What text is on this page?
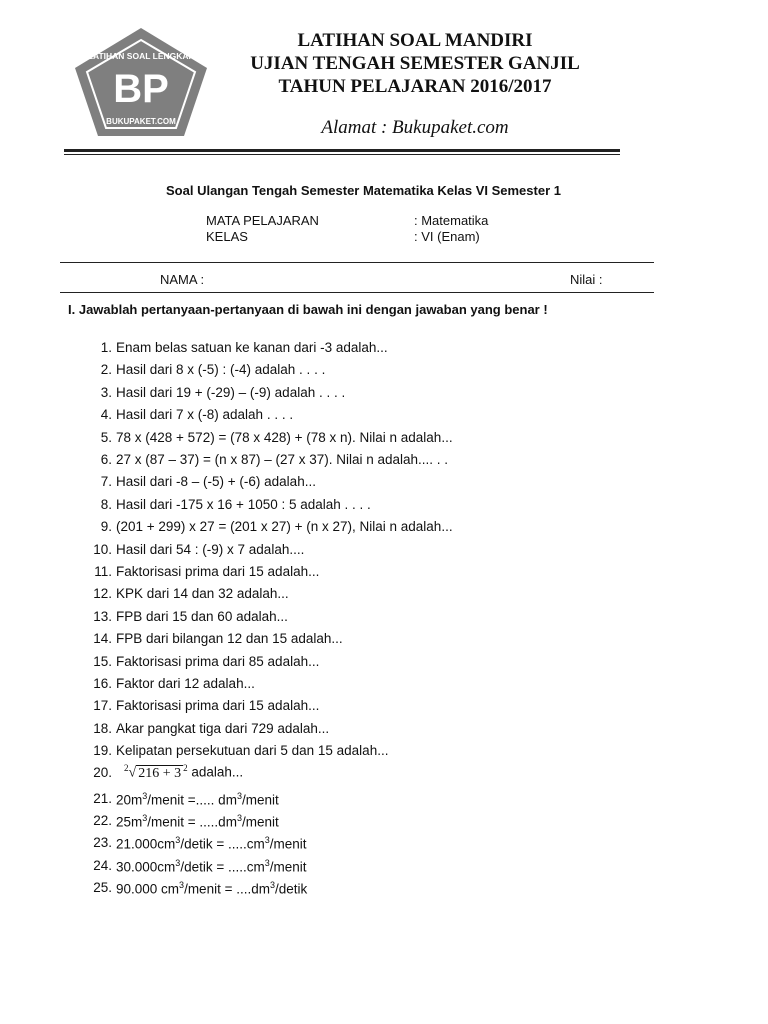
BP
LATIHAN SOAL LENGKAP
BUKUPAKET.COM
LATIHAN SOAL MANDIRI
UJIAN TENGAH SEMESTER GANJIL
TAHUN PELAJARAN 2016/2017
Alamat : Bukupaket.com
Soal Ulangan Tengah Semester Matematika Kelas VI Semester 1
MATA PELAJARAN	: Matematika
KELAS	: VI (Enam)
NAMA :	Nilai :
I. Jawablah pertanyaan-pertanyaan di bawah ini dengan jawaban yang benar !
1. Enam belas satuan ke kanan dari -3 adalah...
2. Hasil dari 8 x (-5) : (-4) adalah . . . .
3. Hasil dari 19 + (-29) – (-9) adalah . . . .
4. Hasil dari 7 x (-8) adalah . . . .
5. 78 x (428 + 572) = (78 x 428) + (78 x n). Nilai n adalah...
6. 27 x (87 – 37) = (n x 87) – (27 x 37). Nilai n adalah.... . .
7. Hasil dari -8 – (-5) + (-6) adalah...
8. Hasil dari -175 x 16 + 1050 : 5 adalah . . . .
9. (201 + 299) x 27 = (201 x 27) + (n x 27), Nilai n adalah...
10. Hasil dari 54 : (-9) x 7 adalah....
11. Faktorisasi prima dari 15 adalah...
12. KPK dari 14 dan 32 adalah...
13. FPB dari 15 dan 60 adalah...
14. FPB dari bilangan 12 dan 15 adalah...
15. Faktorisasi prima dari 85 adalah...
16. Faktor dari 12 adalah...
17. Faktorisasi prima dari 15 adalah...
18. Akar pangkat tiga dari 729 adalah...
19. Kelipatan persekutuan dari 5 dan 15 adalah...
20. $^2$√ 216 + 3 $^2$ adalah...
21. $20m^3$/menit =..... $dm^3$/menit
22. $25m^3$/menit = $.....dm^3$/menit
23. $21.000cm^3$/detik = $.....cm^3$/menit
24. $30.000cm^3$/detik = $.....cm^3$/menit
25. 90.000 $cm^3$/menit = $....dm^3$/detik
